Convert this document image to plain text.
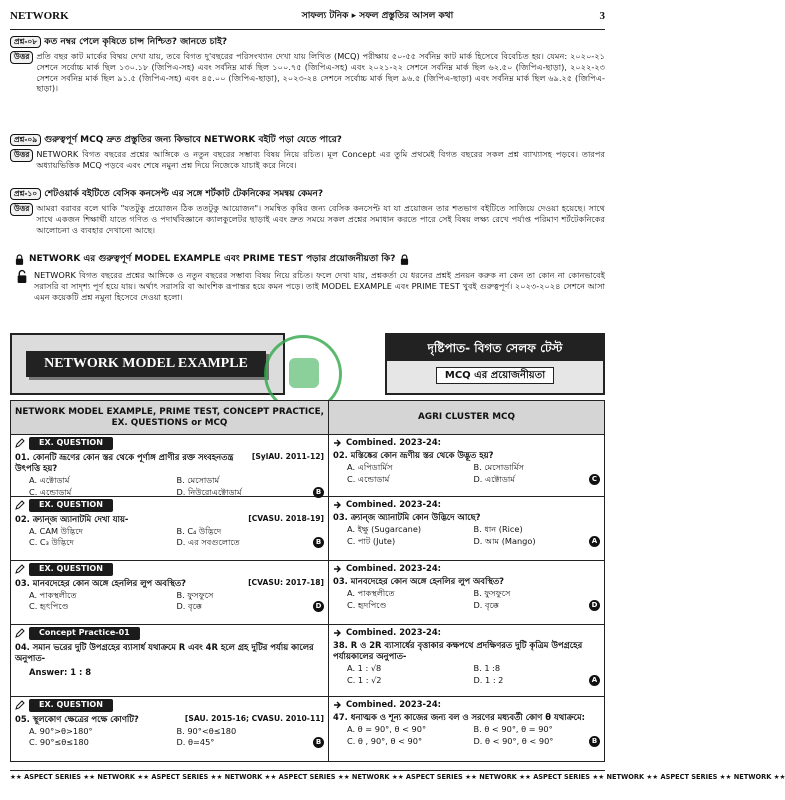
NETWORK	সাফল্য টনিক ▸ সফল প্রস্তুতির আসল কথা	3
প্রশ্ন-০৮ কত নম্বর পেলে কৃষিতে চান্স নিশ্চিত? জানতে চাই?
উত্তর প্রতি বছর কাট মার্কের বিষ্ময় দেখা যায়, তবে বিগত দু'বছরের পরিসংখ্যান দেখা যায় লিখিত (MCQ) পরীক্ষায় ৫০-৫৫ সর্বনিম্ন কাট মার্ক হিসেবে বিবেচিত হয়। যেমন: ২০২০-২১ সেশনে সর্বোচ্চ মার্ক ছিল ১৩০.১৮ (জিপিএ-সহ) এবং সর্বনিম্ন মার্ক ছিল ১০০.৭৫ (জিপিএ-সহ) এবং ২০২১-২২ সেশনে সর্বনিম্ন মার্ক ছিল ৬২.৫০ (জিপিএ-ছাড়া), ২০২২-২৩ সেশনে সর্বনিম্ন মার্ক ছিল ৯১.৫ (জিপিএ-সহ) এবং ৪৫.০০ (জিপিএ-ছাড়া), ২০২৩-২৪ সেশনে সর্বোচ্চ মার্ক ছিল ৯৬.৫ (জিপিএ-ছাড়া) এবং সর্বনিম্ন মার্ক ছিল ৬৯.২৫ (জিপিএ-ছাড়া)।

প্রশ্ন-০৯ গুরুত্বপূর্ণ MCQ দ্রুত প্রস্তুতির জন্য কিভাবে NETWORK বইটি পড়া যেতে পারে?
উত্তর NETWORK বিগত বছরের প্রশ্নের আঙ্গিকে ও নতুন বছরের সম্ভাব্য বিষয় নিয়ে রচিত। মূল Concept এর তুমি প্রথমেই বিগত বছরের সকল প্রশ্ন ব্যাখ্যাসহ পড়বে। তারপর অধ্যায়ভিত্তিক MCQ পড়বে এবং শেষে নমুনা প্রশ্ন দিয়ে নিজেকে যাচাই করে নিবে।

প্রশ্ন-১০ শেটওয়ার্ক বইটিতে বেসিক কনসেপ্ট এর সঙ্গে শর্টকাট টেকনিকের সমন্বয় কেমন?
উত্তর আমরা বরাবর বলে থাকি "যতটুকু প্রয়োজন ঠিক ততটুকু আয়োজন"। সমন্বিত কৃষির জন্য বেসিক কনসেপ্ট যা যা প্রয়োজন তার শতভাগ বইটিতে সাজিয়ে দেওয়া হয়েছে। সাথে সাথে একজন শিক্ষার্থী যাতে গণিত ও পদার্থবিজ্ঞানে ক্যালকুলেটর ছাড়াই এবং দ্রুত সময়ে সকল প্রশ্নের সমাধান করতে পারে সেই বিষয় লক্ষ্য রেখে পর্যাপ্ত পরিমাণ শর্টটেকনিকের আলোচনা ও ব্যবহার দেখানো আছে।

NETWORK এর গুরুত্বপূর্ণ MODEL EXAMPLE এবং PRIME TEST পড়ার প্রয়োজনীয়তা কি?

NETWORK বিগত বছরের প্রশ্নের আঙ্গিকে ও নতুন বছরের সম্ভাব্য বিষয় নিয়ে রচিত। ফলে দেখা যায়, প্রশ্নকর্তা যে ধরনের প্রশ্নই প্রনয়ন করুক না কেন তা কোন না কোনভাবেই সরাসরি বা সাদৃশ্য পূর্ণ হয়ে যায়। অর্থাৎ সরাসরি বা আংশিক রূপান্তর হয়ে কমন পড়ে। তাই MODEL EXAMPLE এবং PRIME TEST খুবই গুরুত্বপূর্ণ। ২০২৩-২০২৪ সেশনে আসা এমন কয়েকটি প্রশ্ন নমুনা হিসেবে দেওয়া হলো।

NETWORK MODEL EXAMPLE
দৃষ্টিপাত- বিগত সেলফ টেস্ট
MCQ এর প্রয়োজনীয়তা
NETWORK MODEL EXAMPLE, PRIME TEST, CONCEPT PRACTICE, EX. QUESTIONS or MCQ
AGRI CLUSTER MCQ
EX. QUESTION
01. কোনটি ভ্রূণের কোন স্তর থেকে পূর্ণাঙ্গ প্রাণীর রক্ত সংবহনতন্ত্র উৎপত্তি হয়?
[SylAU. 2011-12]
A. এক্টোডার্ম	B. মেসোডার্ম
C. এন্ডোডার্ম	D. নিউরোএক্টোডার্ম	B
Combined. 2023-24:
02. মস্তিষ্কের কোন ভ্রূণীয় স্তর থেকে উদ্ভূত হয়?
A. এপিডার্মিস	B. মেসোডার্মিস
C. এন্ডোডার্ম	D. এক্টোডার্ম	C
EX. QUESTION
02. ক্র্যান্জ অ্যানাটমি দেখা যায়-	[CVASU. 2018-19]
A. CAM উদ্ভিদে	B. C₄ উদ্ভিদে
C. C₃ উদ্ভিদে	D. এর সবগুলোতে	B
Combined. 2023-24:
03. ক্র্যান্জ অ্যানাটমি কোন উদ্ভিদে আছে?
A. ইক্ষু (Sugarcane)	B. ধান (Rice)
C. পাট (Jute)	D. আম (Mango)	A
EX. QUESTION
03. মানবদেহের কোন অঙ্গে হেনলির লুপ অবস্থিত?	[CVASU: 2017-18]
A. পাকস্থলীতে	B. ফুসফুসে
C. হৃৎপিণ্ডে	D. বৃক্কে	D
Combined. 2023-24:
03. মানবদেহের কোন অঙ্গে হেনলির লুপ অবস্থিত?
A. পাকস্থলীতে	B. ফুসফুসে
C. হৃদপিণ্ডে	D. বৃক্কে	D
Concept Practice-01
04. সমান ভরের দুটি উপগ্রহের ব্যাসার্ধ যথাক্রমে R এবং 4R হলে গ্রহ দুটির পর্যায় কালের অনুপাত-
Answer: 1 : 8
Combined. 2023-24:
38. R ও 2R ব্যাসার্ধের বৃত্তাকার কক্ষপথে প্রদক্ষিণরত দুটি কৃত্রিম উপগ্রহের পর্যায়কালের অনুপাত-
A. 1 : √8	B. 1 :8
C. 1 : √2	D. 1 : 2	A
EX. QUESTION
05. স্থূলকোণ ক্ষেত্রের পক্ষে কোণটি?	[SAU. 2015-16; CVASU. 2010-11]
A. 90°>θ>180°	B. 90°<θ≤180
C. 90°≤θ≤180	D. θ=45°	B
Combined. 2023-24:
47. ধনাত্মক ও শূন্য কাজের জন্য বল ও সরণের মধ্যবর্তী কোণ θ যথাক্রমে:
A. θ = 90°, θ < 90°	B. θ < 90°, θ = 90°
C. θ , 90°, θ < 90°	D. θ < 90°, θ < 90°	B
★★ ASPECT SERIES ★★ NETWORK ★★ ASPECT SERIES ★★ NETWORK ★★ ASPECT SERIES ★★ NETWORK ★★ ASPECT SERIES ★★ NETWORK ★★ ASPECT SERIES ★★ NETWORK ★★ ASPECT SERIES ★★ NETWORK ★★
